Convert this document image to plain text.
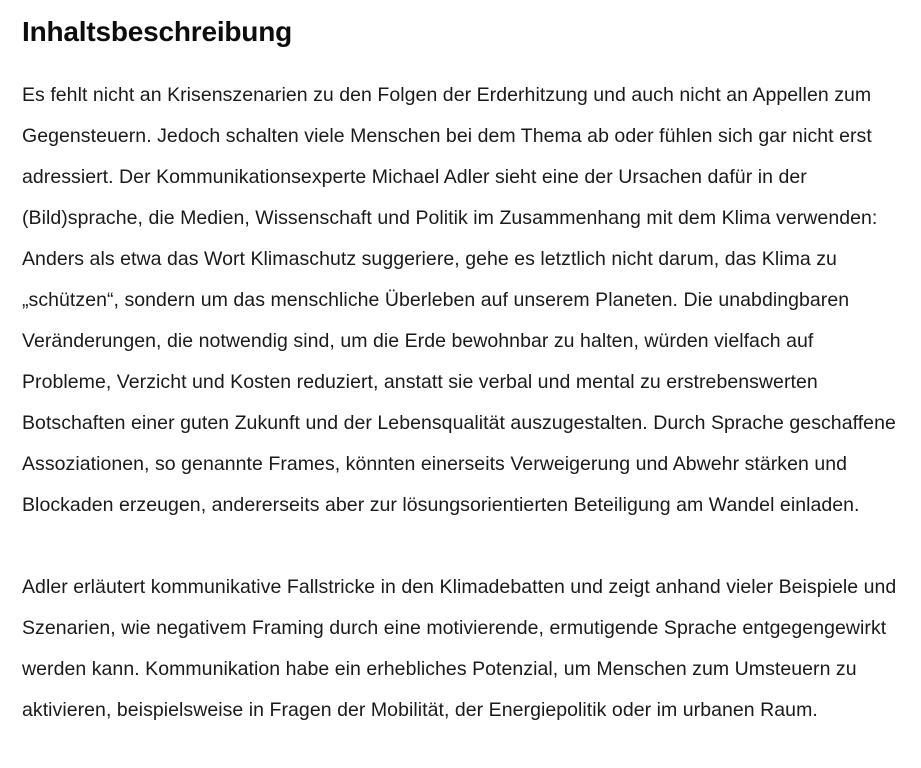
Inhaltsbeschreibung

Es fehlt nicht an Krisenszenarien zu den Folgen der Erderhitzung und auch nicht an Appellen zum Gegensteuern. Jedoch schalten viele Menschen bei dem Thema ab oder fühlen sich gar nicht erst adressiert. Der Kommunikationsexperte Michael Adler sieht eine der Ursachen dafür in der (Bild)sprache, die Medien, Wissenschaft und Politik im Zusammenhang mit dem Klima verwenden: Anders als etwa das Wort Klimaschutz suggeriere, gehe es letztlich nicht darum, das Klima zu „schützen“, sondern um das menschliche Überleben auf unserem Planeten. Die unabdingbaren Veränderungen, die notwendig sind, um die Erde bewohnbar zu halten, würden vielfach auf Probleme, Verzicht und Kosten reduziert, anstatt sie verbal und mental zu erstrebenswerten Botschaften einer guten Zukunft und der Lebensqualität auszugestalten. Durch Sprache geschaffene Assoziationen, so genannte Frames, könnten einerseits Verweigerung und Abwehr stärken und Blockaden erzeugen, andererseits aber zur lösungsorientierten Beteiligung am Wandel einladen.

Adler erläutert kommunikative Fallstricke in den Klimadebatten und zeigt anhand vieler Beispiele und Szenarien, wie negativem Framing durch eine motivierende, ermutigende Sprache entgegengewirkt werden kann. Kommunikation habe ein erhebliches Potenzial, um Menschen zum Umsteuern zu aktivieren, beispielsweise in Fragen der Mobilität, der Energiepolitik oder im urbanen Raum.
